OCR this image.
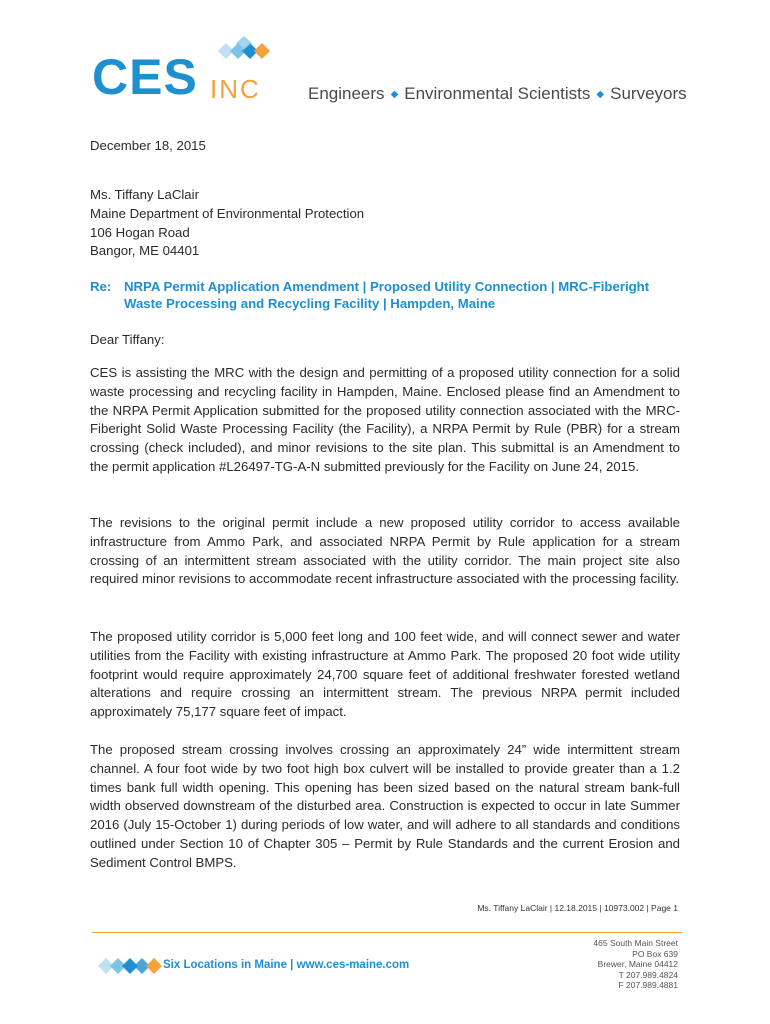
CES INC	Engineers ◆ Environmental Scientists ◆ Surveyors
December 18, 2015
Ms. Tiffany LaClair
Maine Department of Environmental Protection
106 Hogan Road
Bangor, ME 04401
Re: NRPA Permit Application Amendment | Proposed Utility Connection | MRC-Fiberight
Waste Processing and Recycling Facility | Hampden, Maine
Dear Tiffany:
CES is assisting the MRC with the design and permitting of a proposed utility connection for a solid waste processing and recycling facility in Hampden, Maine. Enclosed please find an Amendment to the NRPA Permit Application submitted for the proposed utility connection associated with the MRC-Fiberight Solid Waste Processing Facility (the Facility), a NRPA Permit by Rule (PBR) for a stream crossing (check included), and minor revisions to the site plan. This submittal is an Amendment to the permit application #L26497-TG-A-N submitted previously for the Facility on June 24, 2015.
The revisions to the original permit include a new proposed utility corridor to access available infrastructure from Ammo Park, and associated NRPA Permit by Rule application for a stream crossing of an intermittent stream associated with the utility corridor. The main project site also required minor revisions to accommodate recent infrastructure associated with the processing facility.
The proposed utility corridor is 5,000 feet long and 100 feet wide, and will connect sewer and water utilities from the Facility with existing infrastructure at Ammo Park. The proposed 20 foot wide utility footprint would require approximately 24,700 square feet of additional freshwater forested wetland alterations and require crossing an intermittent stream. The previous NRPA permit included approximately 75,177 square feet of impact.
The proposed stream crossing involves crossing an approximately 24” wide intermittent stream channel. A four foot wide by two foot high box culvert will be installed to provide greater than a 1.2 times bank full width opening. This opening has been sized based on the natural stream bank-full width observed downstream of the disturbed area. Construction is expected to occur in late Summer 2016 (July 15-October 1) during periods of low water, and will adhere to all standards and conditions outlined under Section 10 of Chapter 305 – Permit by Rule Standards and the current Erosion and Sediment Control BMPS.
Ms. Tiffany LaClair | 12.18.2015 | 10973.002 | Page 1
Six Locations in Maine | www.ces-maine.com
465 South Main Street
PO Box 639
Brewer, Maine 04412
T 207.989.4824
F 207.989.4881
